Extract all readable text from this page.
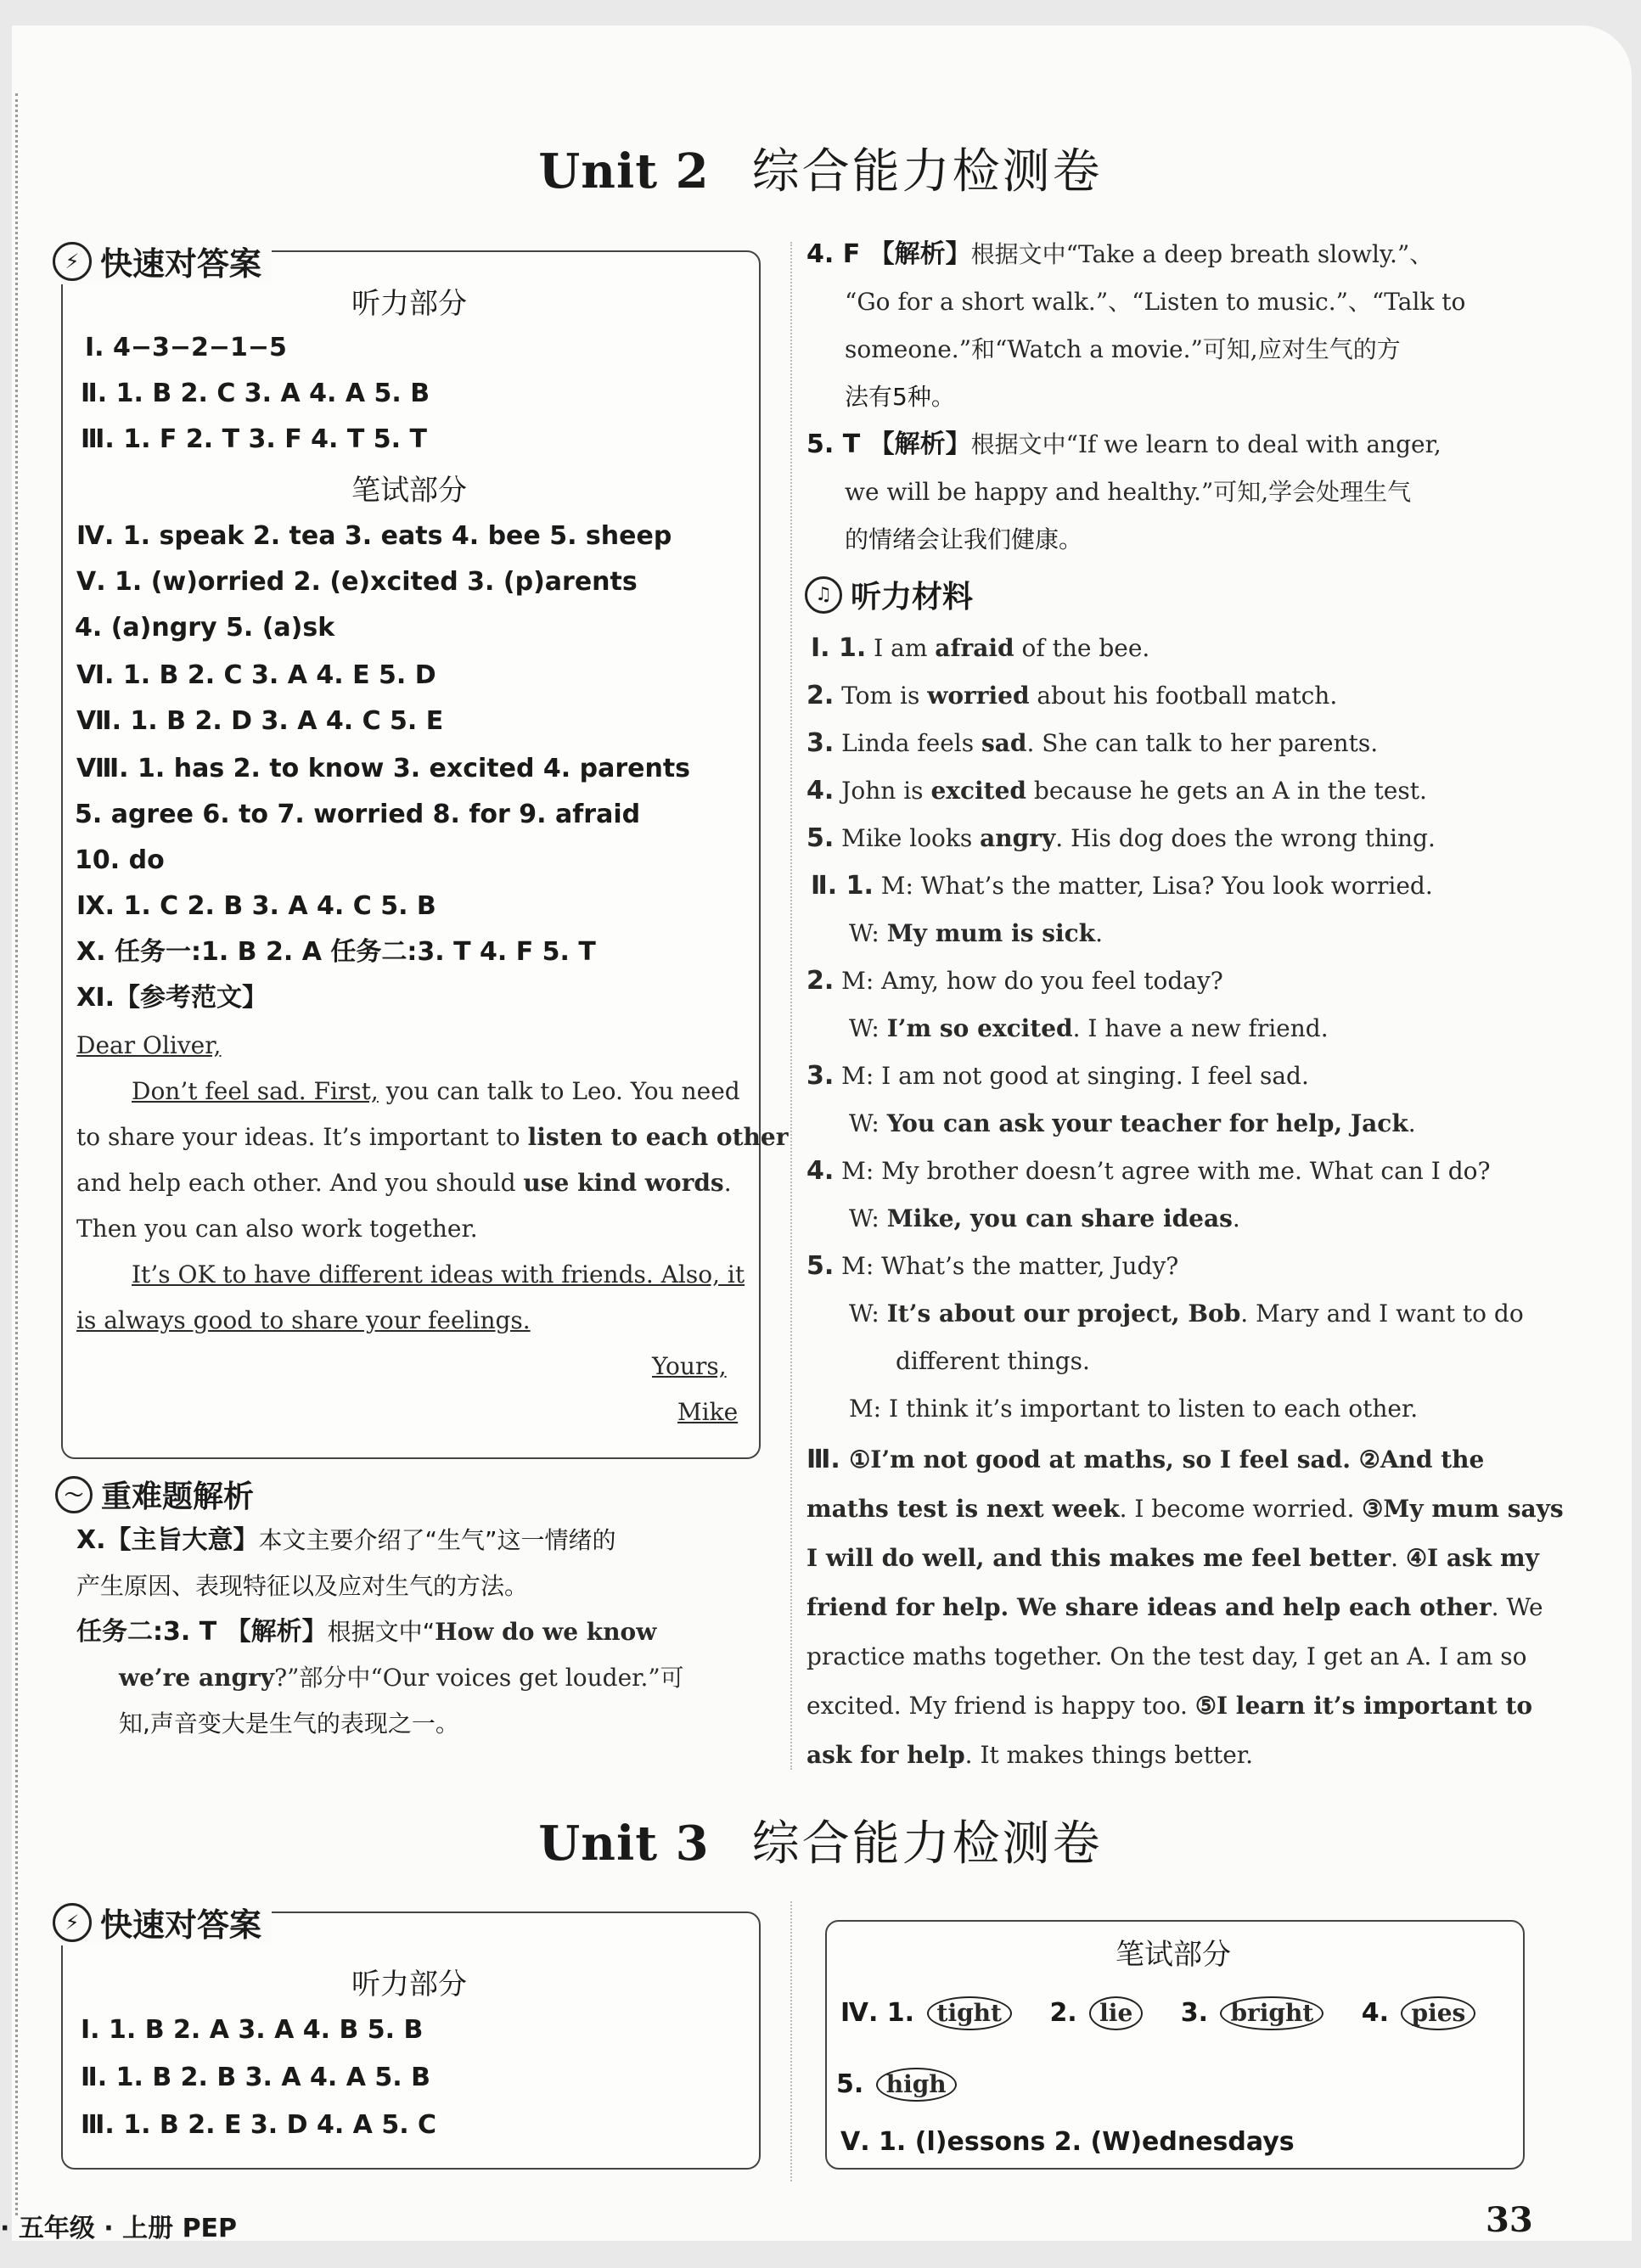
Unit 2 综合能力检测卷
⚡ 快速对答案
听力部分
Ⅰ. 4−3−2−1−5
Ⅱ. 1. B 2. C 3. A 4. A 5. B
Ⅲ. 1. F 2. T 3. F 4. T 5. T
笔试部分
Ⅳ. 1. speak 2. tea 3. eats 4. bee 5. sheep
Ⅴ. 1. (w)orried 2. (e)xcited 3. (p)arents
4. (a)ngry 5. (a)sk
Ⅵ. 1. B 2. C 3. A 4. E 5. D
Ⅶ. 1. B 2. D 3. A 4. C 5. E
Ⅷ. 1. has 2. to know 3. excited 4. parents
5. agree 6. to 7. worried 8. for 9. afraid
10. do
Ⅸ. 1. C 2. B 3. A 4. C 5. B
Ⅹ. 任务一:1. B 2. A 任务二:3. T 4. F 5. T
Ⅺ.【参考范文】
Dear Oliver,
Don’t feel sad. First, you can talk to Leo. You need
to share your ideas. It’s important to listen to each other
and help each other. And you should use kind words.
Then you can also work together.
It’s OK to have different ideas with friends. Also, it
is always good to share your feelings.
Yours,
Mike
〜 重难题解析
Ⅹ.【主旨大意】本文主要介绍了“生气”这一情绪的
产生原因、表现特征以及应对生气的方法。
任务二:3. T 【解析】根据文中“How do we know
we’re angry?”部分中“Our voices get louder.”可
知,声音变大是生气的表现之一。
4. F 【解析】根据文中“Take a deep breath slowly.”、
“Go for a short walk.”、“Listen to music.”、“Talk to
someone.”和“Watch a movie.”可知,应对生气的方
法有5种。
5. T 【解析】根据文中“If we learn to deal with anger,
we will be happy and healthy.”可知,学会处理生气
的情绪会让我们健康。
♫ 听力材料
Ⅰ. 1. I am afraid of the bee.
2. Tom is worried about his football match.
3. Linda feels sad. She can talk to her parents.
4. John is excited because he gets an A in the test.
5. Mike looks angry. His dog does the wrong thing.
Ⅱ. 1. M: What’s the matter, Lisa? You look worried.
W: My mum is sick.
2. M: Amy, how do you feel today?
W: I’m so excited. I have a new friend.
3. M: I am not good at singing. I feel sad.
W: You can ask your teacher for help, Jack.
4. M: My brother doesn’t agree with me. What can I do?
W: Mike, you can share ideas.
5. M: What’s the matter, Judy?
W: It’s about our project, Bob. Mary and I want to do
different things.
M: I think it’s important to listen to each other.
Ⅲ. ①I’m not good at maths, so I feel sad. ②And the
maths test is next week. I become worried. ③My mum says
I will do well, and this makes me feel better. ④I ask my
friend for help. We share ideas and help each other. We
practice maths together. On the test day, I get an A. I am so
excited. My friend is happy too. ⑤I learn it’s important to
ask for help. It makes things better.
Unit 3 综合能力检测卷
⚡ 快速对答案
听力部分
Ⅰ. 1. B 2. A 3. A 4. B 5. B
Ⅱ. 1. B 2. B 3. A 4. A 5. B
Ⅲ. 1. B 2. E 3. D 4. A 5. C
笔试部分
Ⅳ. 1. tight 2. lie 3. bright 4. pies
5. high
Ⅴ. 1. (l)essons 2. (W)ednesdays
· 五年级 · 上册 PEP	33
